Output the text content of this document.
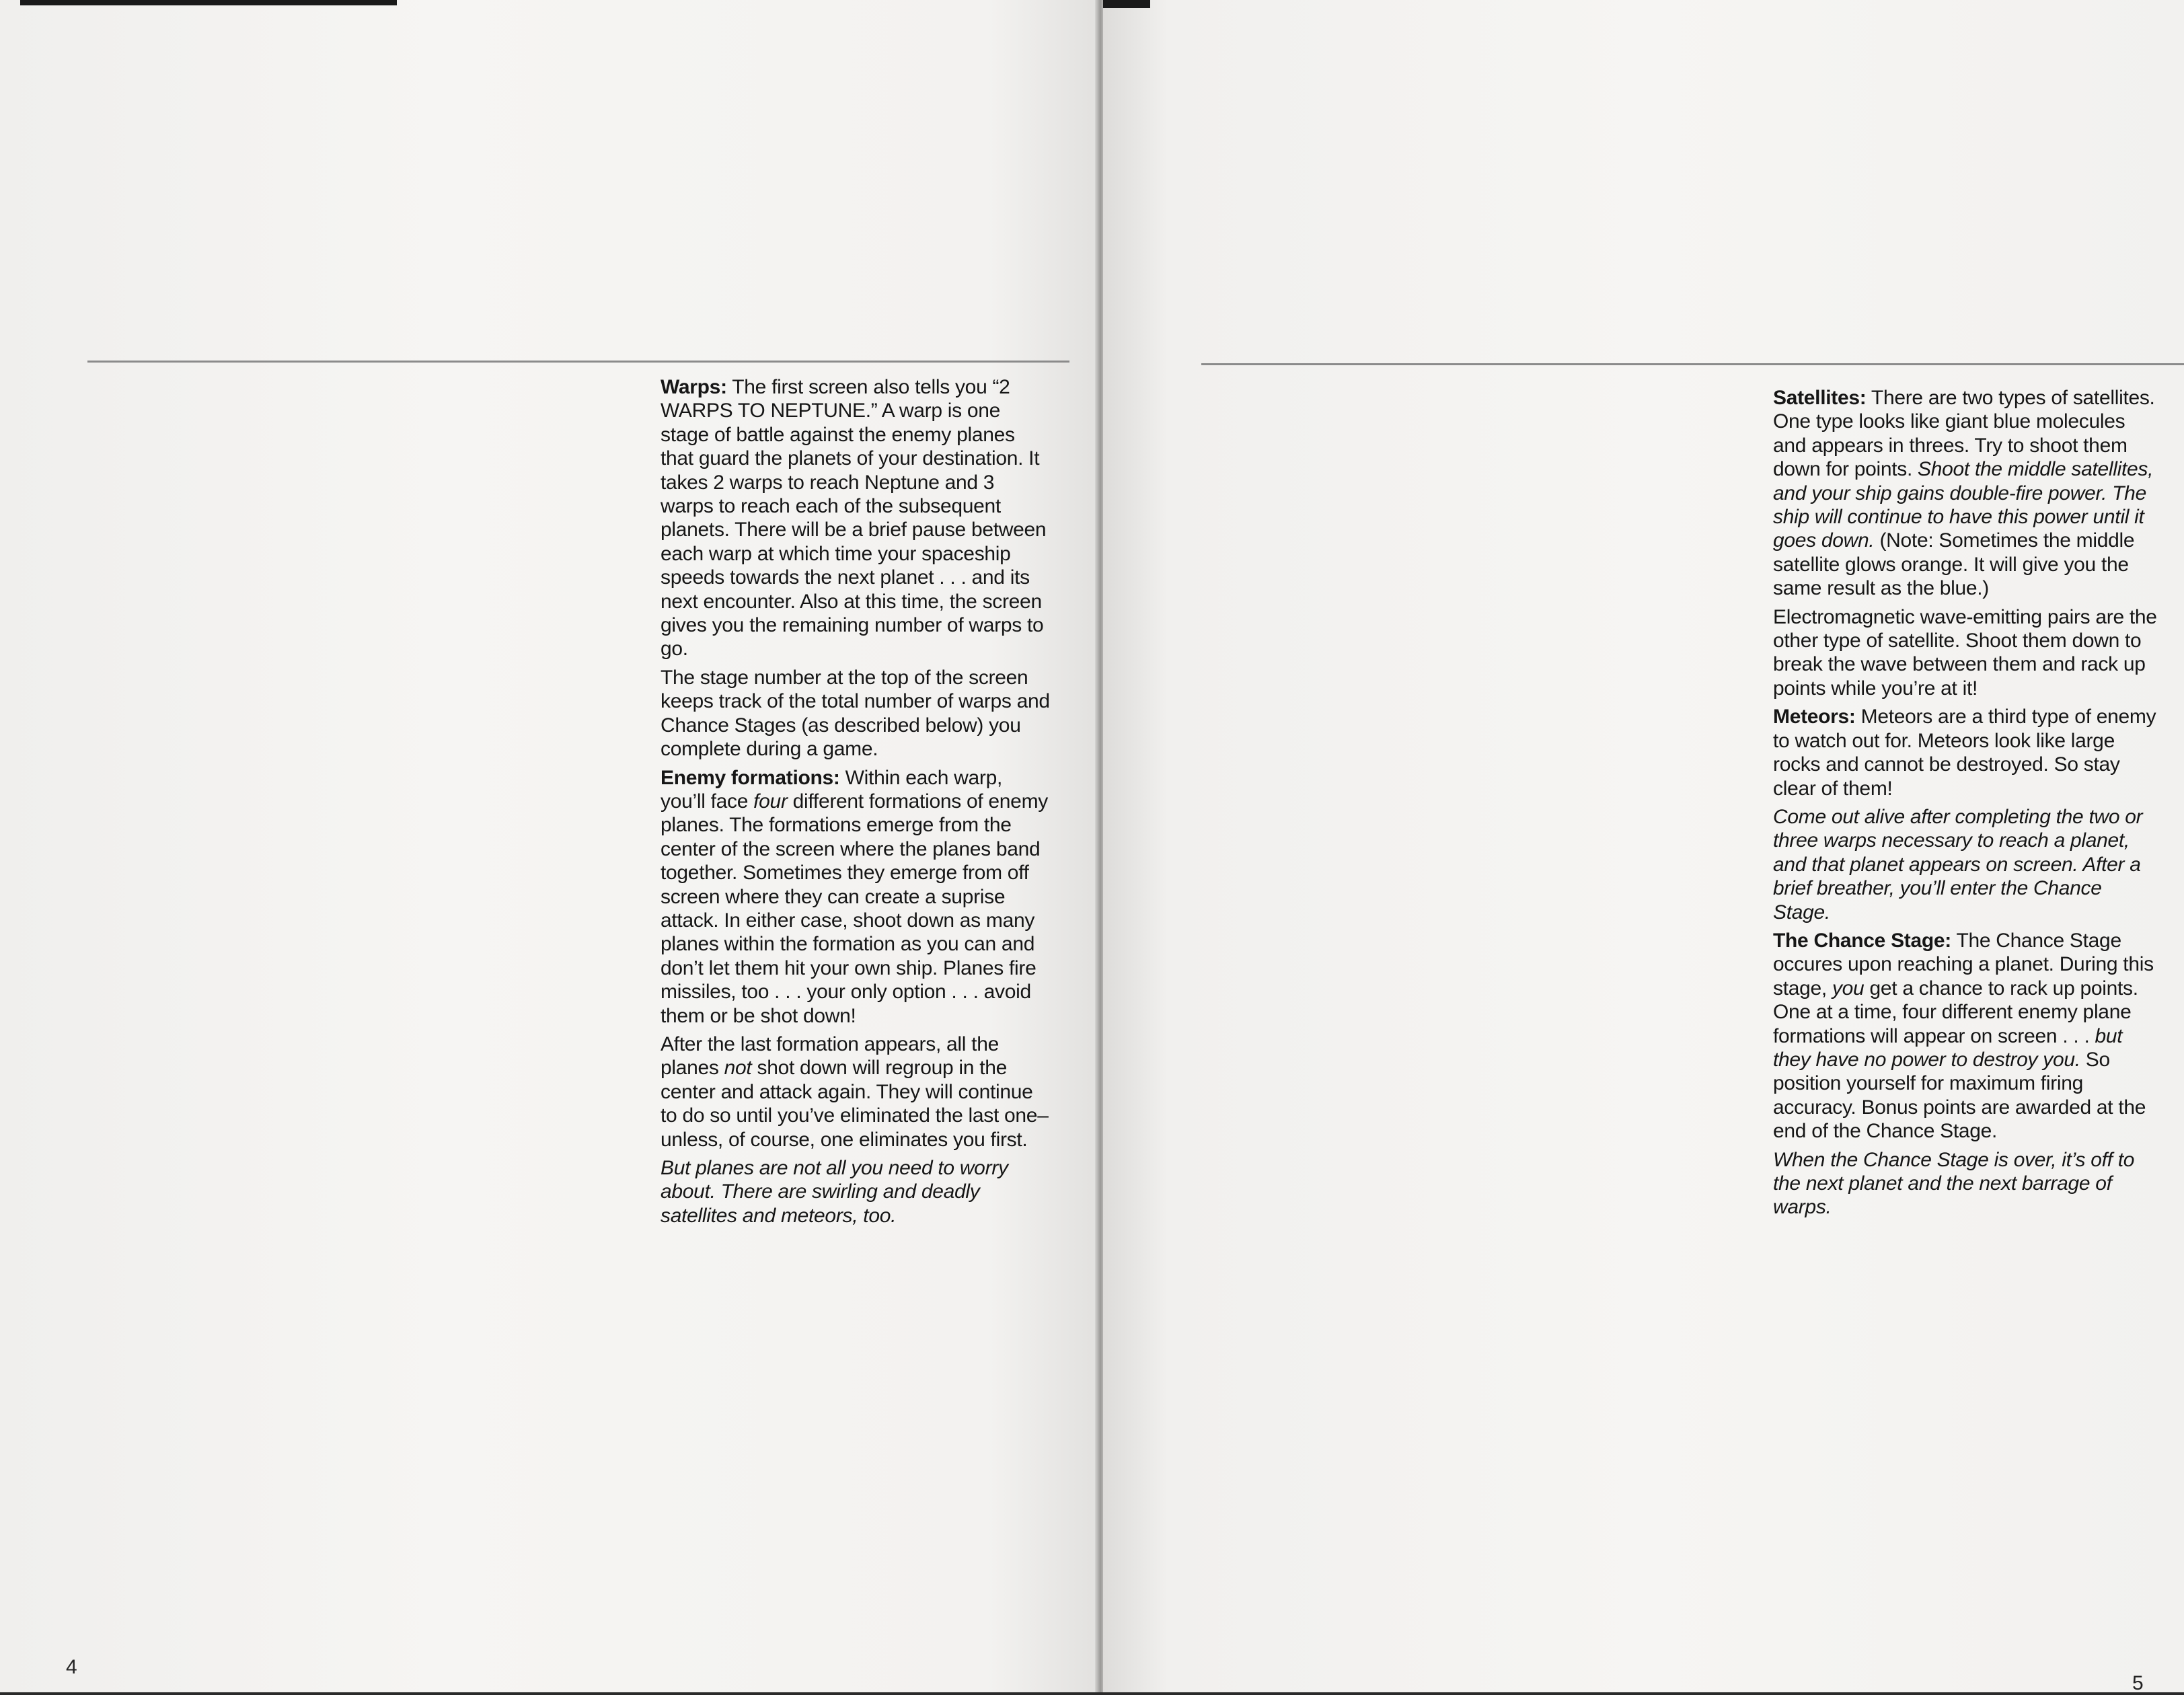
Warps: The first screen also tells you “2 WARPS TO NEPTUNE.” A warp is one stage of battle against the enemy planes that guard the planets of your destination. It takes 2 warps to reach Neptune and 3 warps to reach each of the subsequent planets. There will be a brief pause between each warp at which time your spaceship speeds towards the next planet . . . and its next encounter. Also at this time, the screen gives you the remaining number of warps to go.

The stage number at the top of the screen keeps track of the total number of warps and Chance Stages (as described below) you complete during a game.

Enemy formations: Within each warp, you’ll face four different formations of enemy planes. The formations emerge from the center of the screen where the planes band together. Sometimes they emerge from off screen where they can create a suprise attack. In either case, shoot down as many planes within the formation as you can and don’t let them hit your own ship. Planes fire missiles, too . . . your only option . . . avoid them or be shot down!

After the last formation appears, all the planes not shot down will regroup in the center and attack again. They will continue to do so until you’ve eliminated the last one–unless, of course, one eliminates you first.

But planes are not all you need to worry about. There are swirling and deadly satellites and meteors, too.

4

Satellites: There are two types of satellites. One type looks like giant blue molecules and appears in threes. Try to shoot them down for points. Shoot the middle satellites, and your ship gains double-fire power. The ship will continue to have this power until it goes down. (Note: Sometimes the middle satellite glows orange. It will give you the same result as the blue.)

Electromagnetic wave-emitting pairs are the other type of satellite. Shoot them down to break the wave between them and rack up points while you’re at it!

Meteors: Meteors are a third type of enemy to watch out for. Meteors look like large rocks and cannot be destroyed. So stay clear of them!

Come out alive after completing the two or three warps necessary to reach a planet, and that planet appears on screen. After a brief breather, you’ll enter the Chance Stage.

The Chance Stage: The Chance Stage occures upon reaching a planet. During this stage, you get a chance to rack up points. One at a time, four different enemy plane formations will appear on screen . . . but they have no power to destroy you. So position yourself for maximum firing accuracy. Bonus points are awarded at the end of the Chance Stage.

When the Chance Stage is over, it’s off to the next planet and the next barrage of warps.

5
